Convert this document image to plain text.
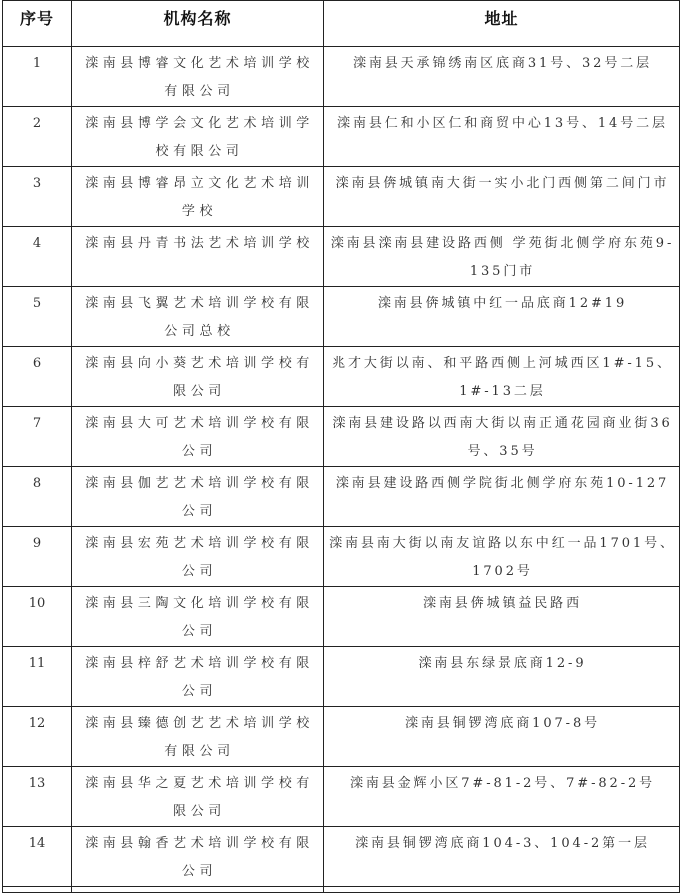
序号	机构名称	地址
1	滦南县博睿文化艺术培训学校有限公司	滦南县天承锦绣南区底商31号、32号二层
2	滦南县博学会文化艺术培训学校有限公司	滦南县仁和小区仁和商贸中心13号、14号二层
3	滦南县博睿昂立文化艺术培训学校	滦南县倴城镇南大街一实小北门西侧第二间门市
4	滦南县丹青书法艺术培训学校	滦南县滦南县建设路西侧 学苑街北侧学府东苑9-135门市
5	滦南县飞翼艺术培训学校有限公司总校	滦南县倴城镇中红一品底商12#19
6	滦南县向小葵艺术培训学校有限公司	兆才大街以南、和平路西侧上河城西区1#-15、1#-13二层
7	滦南县大可艺术培训学校有限公司	滦南县建设路以西南大街以南正通花园商业街36号、35号
8	滦南县伽艺艺术培训学校有限公司	滦南县建设路西侧学院街北侧学府东苑10-127
9	滦南县宏苑艺术培训学校有限公司	滦南县南大街以南友谊路以东中红一品1701号、1702号
10	滦南县三陶文化培训学校有限公司	滦南县倴城镇益民路西
11	滦南县梓舒艺术培训学校有限公司	滦南县东绿景底商12-9
12	滦南县臻德创艺艺术培训学校有限公司	滦南县铜锣湾底商107-8号
13	滦南县华之夏艺术培训学校有限公司	滦南县金辉小区7#-81-2号、7#-82-2号
14	滦南县翰香艺术培训学校有限公司	滦南县铜锣湾底商104-3、104-2第一层
